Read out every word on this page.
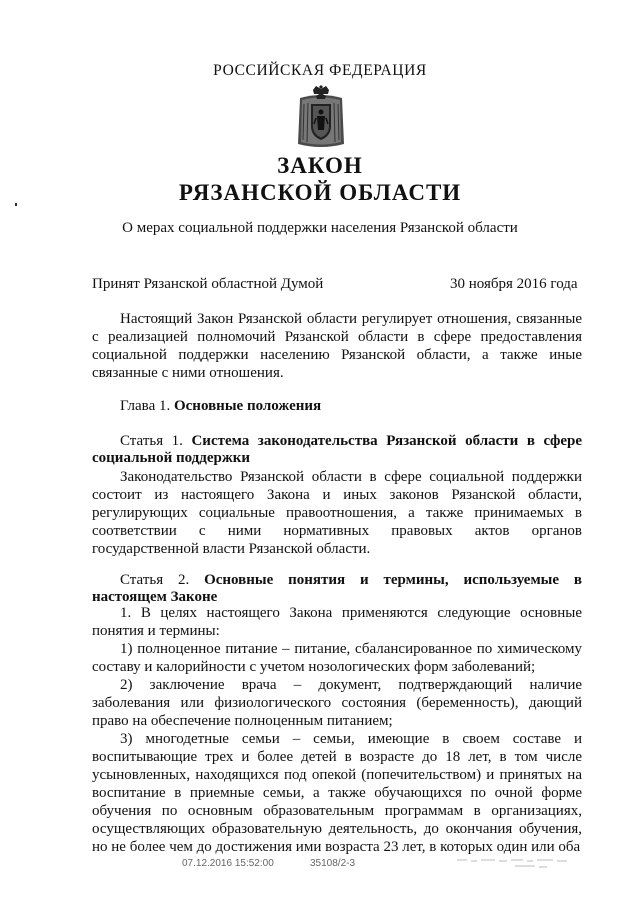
РОССИЙСКАЯ ФЕДЕРАЦИЯ
ЗАКОН
РЯЗАНСКОЙ ОБЛАСТИ
О мерах социальной поддержки населения Рязанской области
Принят Рязанской областной Думой	30 ноября 2016 года

Настоящий Закон Рязанской области регулирует отношения, связанные с реализацией полномочий Рязанской области в сфере предоставления социальной поддержки населению Рязанской области, а также иные связанные с ними отношения.

Глава 1. Основные положения
Статья 1. Система законодательства Рязанской области в сфере социальной поддержки

Законодательство Рязанской области в сфере социальной поддержки состоит из настоящего Закона и иных законов Рязанской области, регулирующих социальные правоотношения, а также принимаемых в соответствии с ними нормативных правовых актов органов государственной власти Рязанской области.

Статья 2. Основные понятия и термины, используемые в настоящем Законе

1. В целях настоящего Закона применяются следующие основные понятия и термины:

1) полноценное питание – питание, сбалансированное по химическому составу и калорийности с учетом нозологических форм заболеваний;

2) заключение врача – документ, подтверждающий наличие заболевания или физиологического состояния (беременность), дающий право на обеспечение полноценным питанием;

3) многодетные семьи – семьи, имеющие в своем составе и воспитывающие трех и более детей в возрасте до 18 лет, в том числе усыновленных, находящихся под опекой (попечительством) и принятых на воспитание в приемные семьи, а также обучающихся по очной форме обучения по основным образовательным программам в организациях, осуществляющих образовательную деятельность, до окончания обучения, но не более чем до достижения ими возраста 23 лет, в которых один или оба

07.12.2016 15:52:00	35108/2-3
